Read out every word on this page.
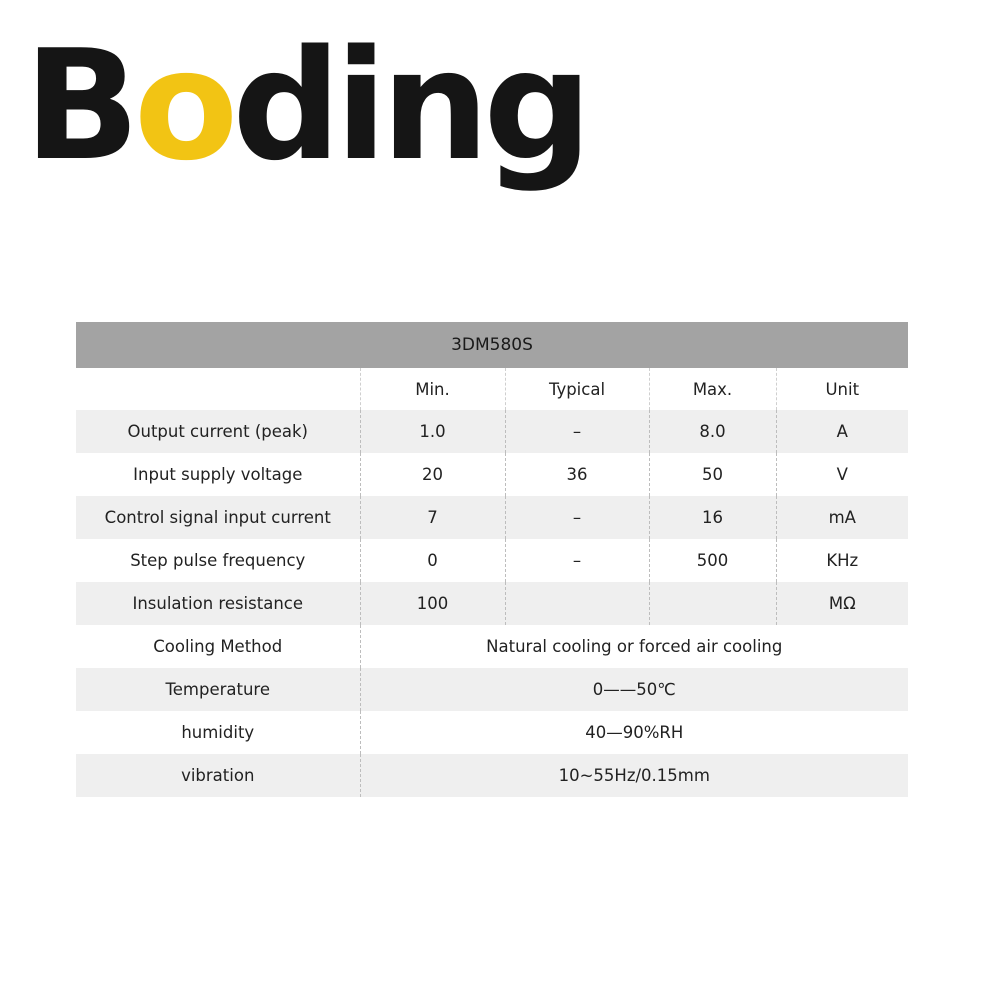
Boding
3DM580S				
	Min.	Typical	Max.	Unit
Output current (peak)	1.0	–	8.0	A
Input supply voltage	20	36	50	V
Control signal input current	7	–	16	mA
Step pulse frequency	0	–	500	KHz
Insulation resistance	100			MΩ
Cooling Method	Natural cooling or forced air cooling			
Temperature	0——50℃			
humidity	40—90%RH			
vibration	10~55Hz/0.15mm			
